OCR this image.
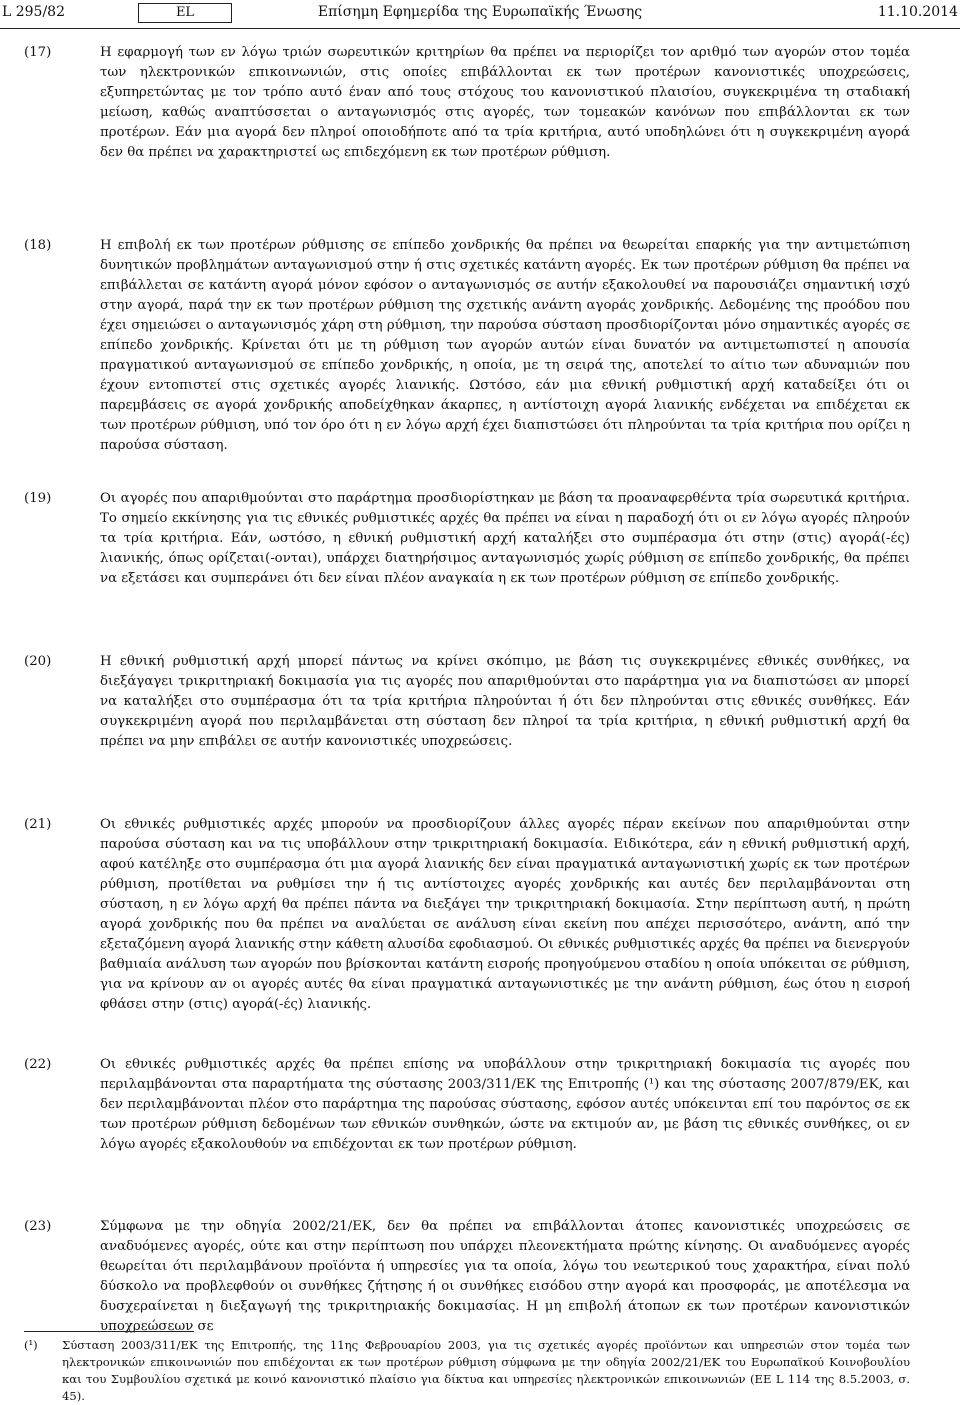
L 295/82	Επίσημη Εφημερίδα της Ευρωπαϊκής Ένωσης
EL	11.10.2014
(17)	Η εφαρμογή των εν λόγω τριών σωρευτικών κριτηρίων θα πρέπει να περιορίζει τον αριθμό των αγορών στον τομέα των ηλεκτρονικών επικοινωνιών, στις οποίες επιβάλλονται εκ των προτέρων κανονιστικές υποχρεώσεις, εξυπηρετώντας με τον τρόπο αυτό έναν από τους στόχους του κανονιστικού πλαισίου, συγκεκριμένα τη σταδιακή μείωση, καθώς αναπτύσσεται ο ανταγωνισμός στις αγορές, των τομεακών κανόνων που επιβάλλονται εκ των προτέρων. Εάν μια αγορά δεν πληροί οποιοδήποτε από τα τρία κριτήρια, αυτό υποδηλώνει ότι η συγκεκριμένη αγορά δεν θα πρέπει να χαρακτηριστεί ως επιδεχόμενη εκ των προτέρων ρύθμιση.
(18)	Η επιβολή εκ των προτέρων ρύθμισης σε επίπεδο χονδρικής θα πρέπει να θεωρείται επαρκής για την αντιμετώπιση δυνητικών προβλημάτων ανταγωνισμού στην ή στις σχετικές κατάντη αγορές. Εκ των προτέρων ρύθμιση θα πρέπει να επιβάλλεται σε κατάντη αγορά μόνον εφόσον ο ανταγωνισμός σε αυτήν εξακολουθεί να παρουσιάζει σημαντική ισχύ στην αγορά, παρά την εκ των προτέρων ρύθμιση της σχετικής ανάντη αγοράς χονδρικής. Δεδομένης της προόδου που έχει σημειώσει ο ανταγωνισμός χάρη στη ρύθμιση, την παρούσα σύσταση προσδιορίζονται μόνο σημαντικές αγορές σε επίπεδο χονδρικής. Κρίνεται ότι με τη ρύθμιση των αγορών αυτών είναι δυνατόν να αντιμετωπιστεί η απουσία πραγματικού ανταγωνισμού σε επίπεδο χονδρικής, η οποία, με τη σειρά της, αποτελεί το αίτιο των αδυναμιών που έχουν εντοπιστεί στις σχετικές αγορές λιανικής. Ωστόσο, εάν μια εθνική ρυθμιστική αρχή καταδείξει ότι οι παρεμβάσεις σε αγορά χονδρικής αποδείχθηκαν άκαρπες, η αντίστοιχη αγορά λιανικής ενδέχεται να επιδέχεται εκ των προτέρων ρύθμιση, υπό τον όρο ότι η εν λόγω αρχή έχει διαπιστώσει ότι πληρούνται τα τρία κριτήρια που ορίζει η παρούσα σύσταση.
(19)	Οι αγορές που απαριθμούνται στο παράρτημα προσδιορίστηκαν με βάση τα προαναφερθέντα τρία σωρευτικά κριτήρια. Το σημείο εκκίνησης για τις εθνικές ρυθμιστικές αρχές θα πρέπει να είναι η παραδοχή ότι οι εν λόγω αγορές πληρούν τα τρία κριτήρια. Εάν, ωστόσο, η εθνική ρυθμιστική αρχή καταλήξει στο συμπέρασμα ότι στην (στις) αγορά(-ές) λιανικής, όπως ορίζεται(-ονται), υπάρχει διατηρήσιμος ανταγωνισμός χωρίς ρύθμιση σε επίπεδο χονδρικής, θα πρέπει να εξετάσει και συμπεράνει ότι δεν είναι πλέον αναγκαία η εκ των προτέρων ρύθμιση σε επίπεδο χονδρικής.
(20)	Η εθνική ρυθμιστική αρχή μπορεί πάντως να κρίνει σκόπιμο, με βάση τις συγκεκριμένες εθνικές συνθήκες, να διεξάγαγει τρικριτηριακή δοκιμασία για τις αγορές που απαριθμούνται στο παράρτημα για να διαπιστώσει αν μπορεί να καταλήξει στο συμπέρασμα ότι τα τρία κριτήρια πληρούνται ή ότι δεν πληρούνται στις εθνικές συνθήκες. Εάν συγκεκριμένη αγορά που περιλαμβάνεται στη σύσταση δεν πληροί τα τρία κριτήρια, η εθνική ρυθμιστική αρχή θα πρέπει να μην επιβάλει σε αυτήν κανονιστικές υποχρεώσεις.
(21)	Οι εθνικές ρυθμιστικές αρχές μπορούν να προσδιορίζουν άλλες αγορές πέραν εκείνων που απαριθμούνται στην παρούσα σύσταση και να τις υποβάλλουν στην τρικριτηριακή δοκιμασία. Ειδικότερα, εάν η εθνική ρυθμιστική αρχή, αφού κατέληξε στο συμπέρασμα ότι μια αγορά λιανικής δεν είναι πραγματικά ανταγωνιστική χωρίς εκ των προτέρων ρύθμιση, προτίθεται να ρυθμίσει την ή τις αντίστοιχες αγορές χονδρικής και αυτές δεν περιλαμβάνονται στη σύσταση, η εν λόγω αρχή θα πρέπει πάντα να διεξάγει την τρικριτηριακή δοκιμασία. Στην περίπτωση αυτή, η πρώτη αγορά χονδρικής που θα πρέπει να αναλύεται σε ανάλυση είναι εκείνη που απέχει περισσότερο, ανάντη, από την εξεταζόμενη αγορά λιανικής στην κάθετη αλυσίδα εφοδιασμού. Οι εθνικές ρυθμιστικές αρχές θα πρέπει να διενεργούν βαθμιαία ανάλυση των αγορών που βρίσκονται κατάντη εισροής προηγούμενου σταδίου η οποία υπόκειται σε ρύθμιση, για να κρίνουν αν οι αγορές αυτές θα είναι πραγματικά ανταγωνιστικές με την ανάντη ρύθμιση, έως ότου η εισροή φθάσει στην (στις) αγορά(-ές) λιανικής.
(22)	Οι εθνικές ρυθμιστικές αρχές θα πρέπει επίσης να υποβάλλουν στην τρικριτηριακή δοκιμασία τις αγορές που περιλαμβάνονται στα παραρτήματα της σύστασης 2003/311/ΕΚ της Επιτροπής (¹) και της σύστασης 2007/879/ΕΚ, και δεν περιλαμβάνονται πλέον στο παράρτημα της παρούσας σύστασης, εφόσον αυτές υπόκεινται επί του παρόντος σε εκ των προτέρων ρύθμιση δεδομένων των εθνικών συνθηκών, ώστε να εκτιμούν αν, με βάση τις εθνικές συνθήκες, οι εν λόγω αγορές εξακολουθούν να επιδέχονται εκ των προτέρων ρύθμιση.
(23)	Σύμφωνα με την οδηγία 2002/21/ΕΚ, δεν θα πρέπει να επιβάλλονται άτοπες κανονιστικές υποχρεώσεις σε αναδυόμενες αγορές, ούτε και στην περίπτωση που υπάρχει πλεονεκτήματα πρώτης κίνησης. Οι αναδυόμενες αγορές θεωρείται ότι περιλαμβάνουν προϊόντα ή υπηρεσίες για τα οποία, λόγω του νεωτερικού τους χαρακτήρα, είναι πολύ δύσκολο να προβλεφθούν οι συνθήκες ζήτησης ή οι συνθήκες εισόδου στην αγορά και προσφοράς, με αποτέλεσμα να δυσχεραίνεται η διεξαγωγή της τρικριτηριακής δοκιμασίας. Η μη επιβολή άτοπων εκ των προτέρων κανονιστικών υποχρεώσεων σε
(¹) Σύσταση 2003/311/ΕΚ της Επιτροπής, της 11ης Φεβρουαρίου 2003, για τις σχετικές αγορές προϊόντων και υπηρεσιών στον τομέα των ηλεκτρονικών επικοινωνιών που επιδέχονται εκ των προτέρων ρύθμιση σύμφωνα με την οδηγία 2002/21/ΕΚ του Ευρωπαϊκού Κοινοβουλίου και του Συμβουλίου σχετικά με κοινό κανονιστικό πλαίσιο για δίκτυα και υπηρεσίες ηλεκτρονικών επικοινωνιών (ΕΕ L 114 της 8.5.2003, σ. 45).
